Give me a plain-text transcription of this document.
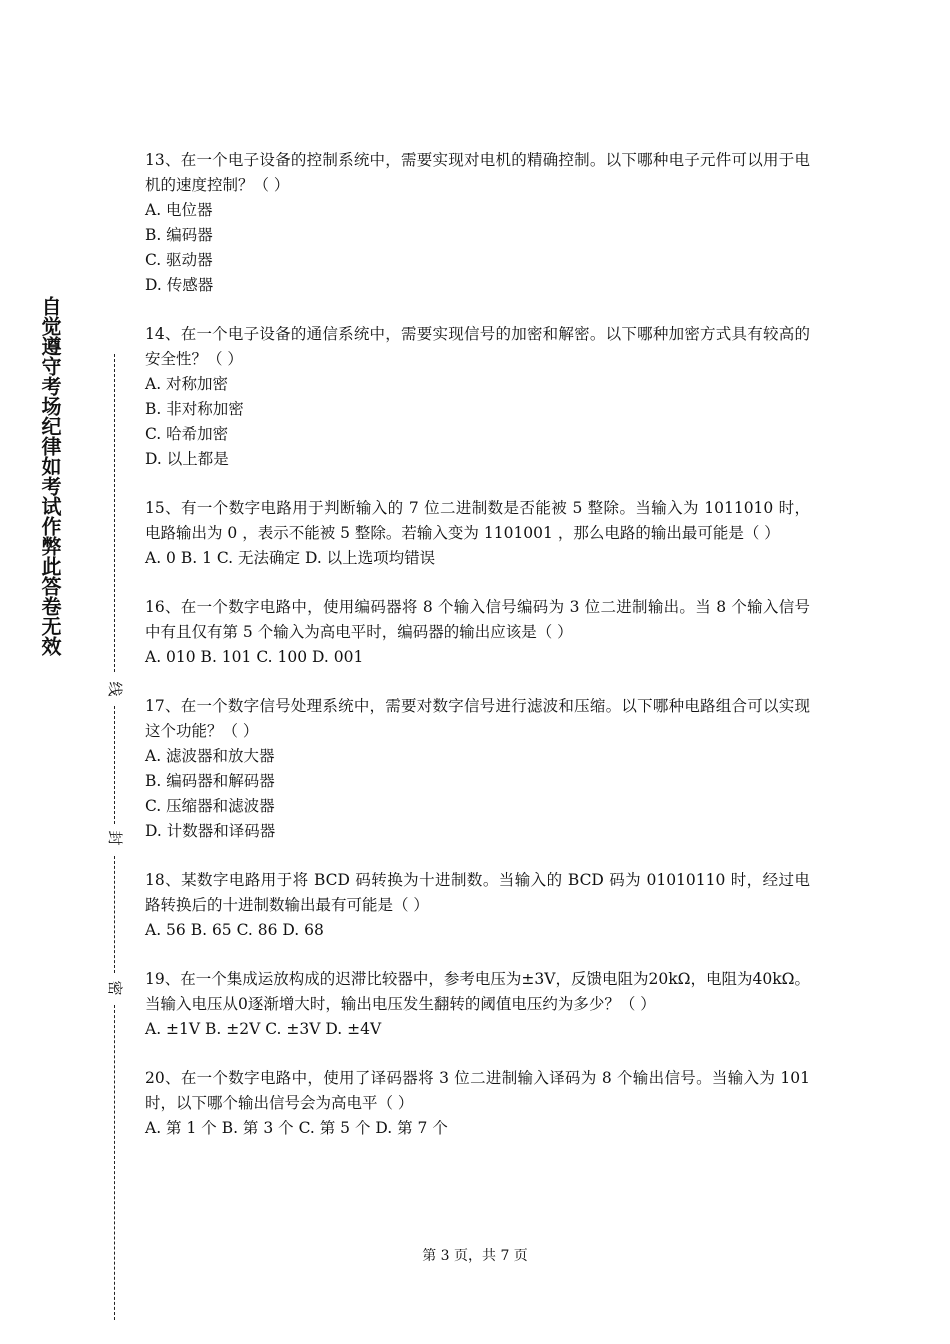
自觉遵守考场纪律如考试作弊此答卷无效
线
封
密

13、在一个电子设备的控制系统中，需要实现对电机的精确控制。以下哪种电子元件可以用于电机的速度控制？（ ）

A. 电位器

B. 编码器

C. 驱动器

D. 传感器

14、在一个电子设备的通信系统中，需要实现信号的加密和解密。以下哪种加密方式具有较高的安全性？（ ）

A. 对称加密

B. 非对称加密

C. 哈希加密

D. 以上都是

15、有一个数字电路用于判断输入的 7 位二进制数是否能被 5 整除。当输入为 1011010 时，电路输出为 0 ，表示不能被 5 整除。若输入变为 1101001 ，那么电路的输出最可能是（ ）

A. 0 B. 1 C. 无法确定 D. 以上选项均错误

16、在一个数字电路中，使用编码器将 8 个输入信号编码为 3 位二进制输出。当 8 个输入信号中有且仅有第 5 个输入为高电平时，编码器的输出应该是（ ）

A. 010 B. 101 C. 100 D. 001

17、在一个数字信号处理系统中，需要对数字信号进行滤波和压缩。以下哪种电路组合可以实现这个功能？（ ）

A. 滤波器和放大器

B. 编码器和解码器

C. 压缩器和滤波器

D. 计数器和译码器

18、某数字电路用于将 BCD 码转换为十进制数。当输入的 BCD 码为 01010110 时，经过电路转换后的十进制数输出最有可能是（ ）

A. 56 B. 65 C. 86 D. 68

19、在一个集成运放构成的迟滞比较器中，参考电压为±3V，反馈电阻为20kΩ，电阻为40kΩ。当输入电压从0逐渐增大时，输出电压发生翻转的阈值电压约为多少？（ ）

A. ±1V B. ±2V C. ±3V D. ±4V

20、在一个数字电路中，使用了译码器将 3 位二进制输入译码为 8 个输出信号。当输入为 101 时，以下哪个输出信号会为高电平（ ）

A. 第 1 个 B. 第 3 个 C. 第 5 个 D. 第 7 个

第 3 页，共 7 页
